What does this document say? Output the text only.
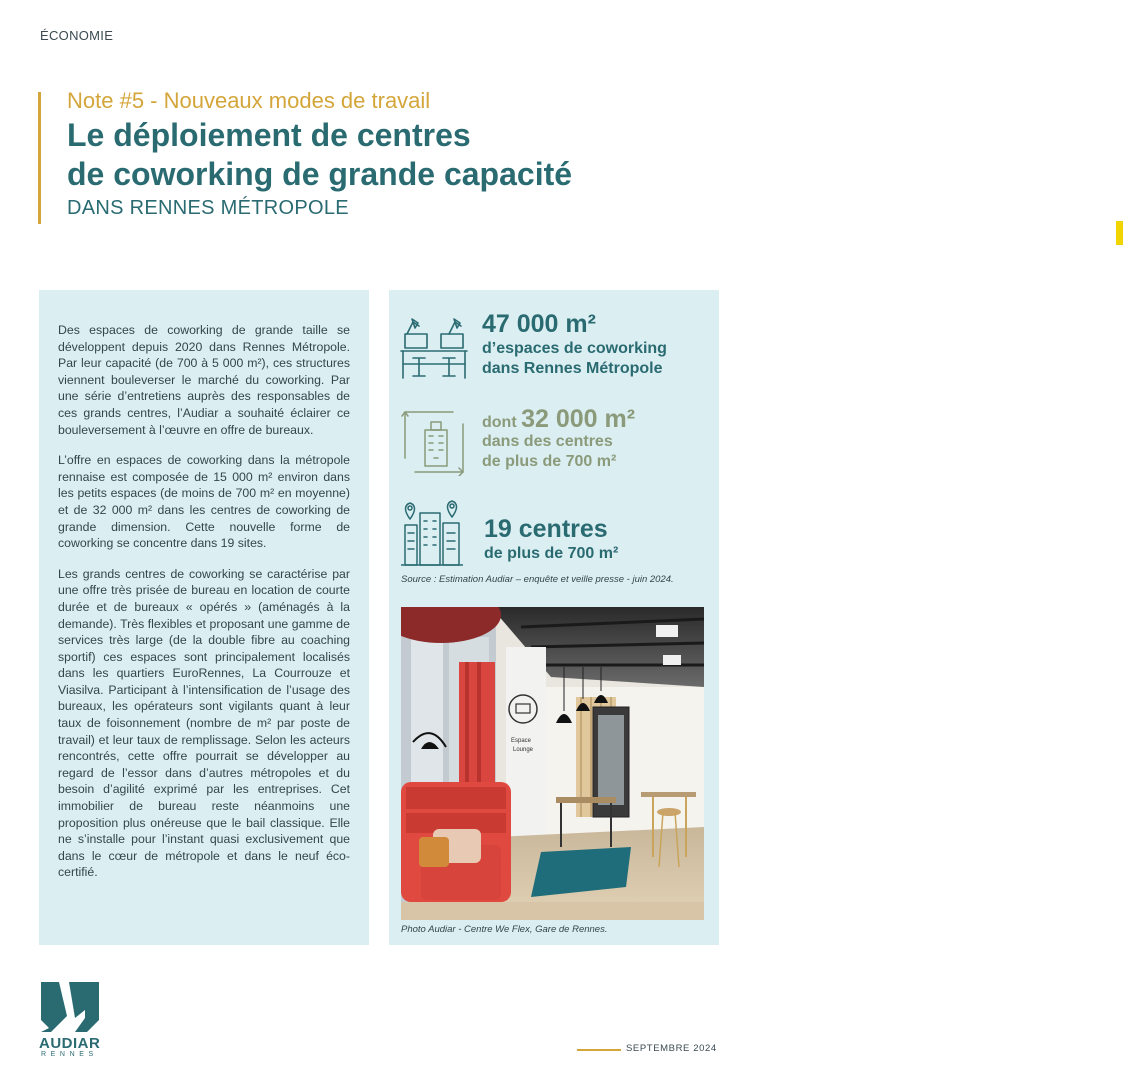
ÉCONOMIE
Note #5 - Nouveaux modes de travail
Le déploiement de centres
de coworking de grande capacité
DANS RENNES MÉTROPOLE

Des espaces de coworking de grande taille se développent depuis 2020 dans Rennes Métropole. Par leur capacité (de 700 à 5 000 m²), ces structures viennent bouleverser le marché du coworking. Par une série d’entretiens auprès des responsables de ces grands centres, l’Audiar a souhaité éclairer ce bouleversement à l’œuvre en offre de bureaux.

L’offre en espaces de coworking dans la métropole rennaise est composée de 15 000 m² environ dans les petits espaces (de moins de 700 m² en moyenne) et de 32 000 m² dans les centres de coworking de grande dimension. Cette nouvelle forme de coworking se concentre dans 19 sites.

Les grands centres de coworking se caractérise par une offre très prisée de bureau en location de courte durée et de bureaux « opérés » (aménagés à la demande). Très flexibles et proposant une gamme de services très large (de la double fibre au coaching sportif) ces espaces sont principalement localisés dans les quartiers EuroRennes, La Courrouze et Viasilva. Participant à l’intensification de l’usage des bureaux, les opérateurs sont vigilants quant à leur taux de foisonnement (nombre de m² par poste de travail) et leur taux de remplissage. Selon les acteurs rencontrés, cette offre pourrait se développer au regard de l’essor dans d’autres métropoles et du besoin d’agilité exprimé par les entreprises. Cet immobilier de bureau reste néanmoins une proposition plus onéreuse que le bail classique. Elle ne s’installe pour l’instant quasi exclusivement que dans le cœur de métropole et dans le neuf éco-certifié.

47 000 m²
d’espaces de coworking
dans Rennes Métropole
dont 32 000 m²
dans des centres
de plus de 700 m²
19 centres
de plus de 700 m²
Source : Estimation Audiar – enquête et veille presse - juin 2024.
Espace
Lounge
Photo Audiar - Centre We Flex, Gare de Rennes.
AUDIAR
RENNES
SEPTEMBRE 2024
